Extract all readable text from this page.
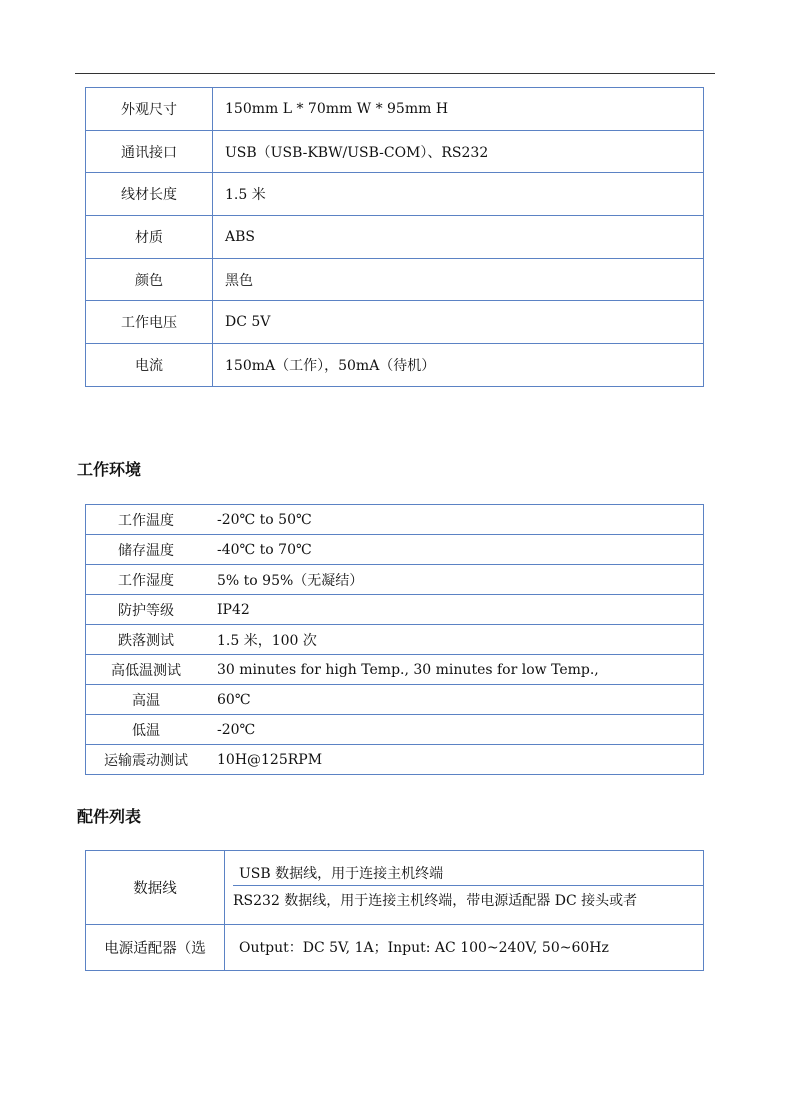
外观尺寸	150mm L * 70mm W * 95mm H
通讯接口	USB（USB-KBW/USB-COM）、RS232
线材长度	1.5 米
材质	ABS
颜色	黑色
工作电压	DC 5V
电流	150mA（工作），50mA（待机）
工作环境
工作温度	-20℃ to 50℃
储存温度	-40℃ to 70℃
工作湿度	5% to 95%（无凝结）
防护等级	IP42
跌落测试	1.5 米，100 次
高低温测试	30 minutes for high Temp., 30 minutes for low Temp.,
高温	60℃
低温	-20℃
运输震动测试	10H@125RPM
配件列表
数据线	USB 数据线，用于连接主机终端
RS232 数据线，用于连接主机终端，带电源适配器 DC 接头或者

电源适配器（选	Output：DC 5V, 1A；Input: AC 100~240V, 50~60Hz
